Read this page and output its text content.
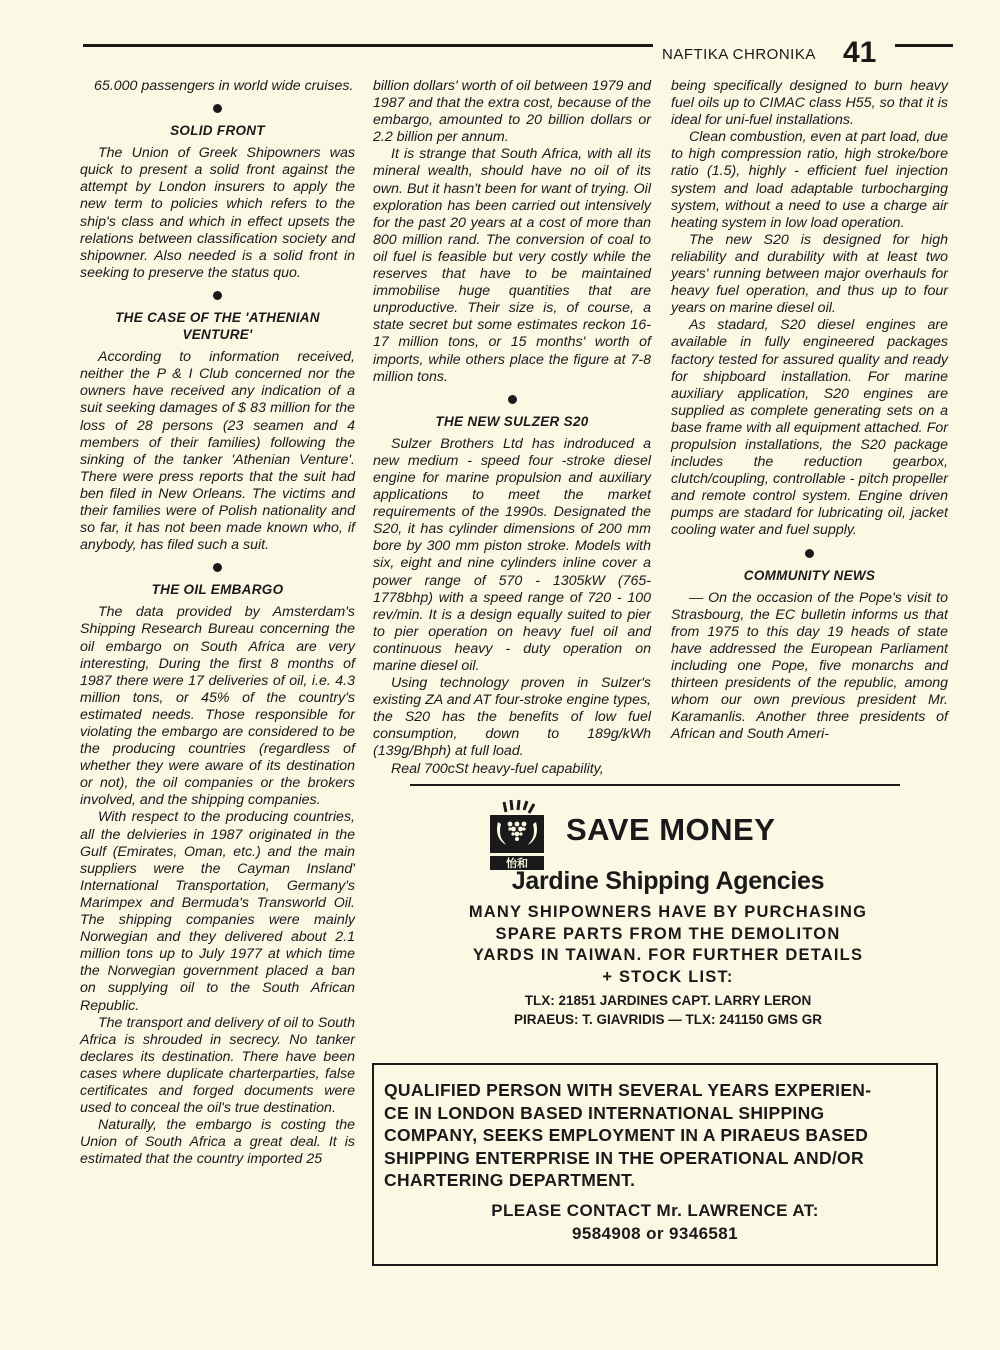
NAFTIKA CHRONIKA 41

65.000 passengers in world wide cruises.

SOLID FRONT

The Union of Greek Shipowners was quick to present a solid front against the attempt by London insurers to apply the new term to policies which refers to the ship's class and which in effect upsets the relations between classification society and shipowner. Also needed is a solid front in seeking to preserve the status quo.

THE CASE OF THE 'ATHENIAN VENTURE'

According to information received, neither the P & I Club concerned nor the owners have received any indication of a suit seeking damages of $ 83 million for the loss of 28 persons (23 seamen and 4 members of their families) following the sinking of the tanker 'Athenian Venture'. There were press reports that the suit had ben filed in New Orleans. The victims and their families were of Polish nationality and so far, it has not been made known who, if anybody, has filed such a suit.

THE OIL EMBARGO

The data provided by Amsterdam's Shipping Research Bureau concerning the oil embargo on South Africa are very interesting, During the first 8 months of 1987 there were 17 deliveries of oil, i.e. 4.3 million tons, or 45% of the country's estimated needs. Those responsible for violating the embargo are considered to be the producing countries (regardless of whether they were aware of its destination or not), the oil companies or the brokers involved, and the shipping companies.

With respect to the producing countries, all the delvieries in 1987 originated in the Gulf (Emirates, Oman, etc.) and the main suppliers were the Cayman Insland' International Transportation, Germany's Marimpex and Bermuda's Transworld Oil. The shipping companies were mainly Norwegian and they delivered about 2.1 million tons up to July 1977 at which time the Norwegian government placed a ban on supplying oil to the South African Republic.

The transport and delivery of oil to South Africa is shrouded in secrecy. No tanker declares its destination. There have been cases where duplicate charterparties, false certificates and forged documents were used to conceal the oil's true destination.

Naturally, the embargo is costing the Union of South Africa a great deal. It is estimated that the country imported 25

billion dollars' worth of oil between 1979 and 1987 and that the extra cost, because of the embargo, amounted to 20 billion dollars or 2.2 billion per annum.

It is strange that South Africa, with all its mineral wealth, should have no oil of its own. But it hasn't been for want of trying. Oil exploration has been carried out intensively for the past 20 years at a cost of more than 800 million rand. The conversion of coal to oil fuel is feasible but very costly while the reserves that have to be maintained immobilise huge quantities that are unproductive. Their size is, of course, a state secret but some estimates reckon 16-17 million tons, or 15 months' worth of imports, while others place the figure at 7-8 million tons.

THE NEW SULZER S20

Sulzer Brothers Ltd has indroduced a new medium - speed four -stroke diesel engine for marine propulsion and auxiliary applications to meet the market requirements of the 1990s. Designated the S20, it has cylinder dimensions of 200 mm bore by 300 mm piston stroke. Models with six, eight and nine cylinders inline cover a power range of 570 - 1305kW (765-1778bhp) with a speed range of 720 - 100 rev/min. It is a design equally suited to pier to pier operation on heavy fuel oil and continuous heavy - duty operation on marine diesel oil.

Using technology proven in Sulzer's existing ZA and AT four-stroke engine types, the S20 has the benefits of low fuel consumption, down to 189g/kWh (139g/Bhph) at full load.

Real 700cSt heavy-fuel capability,

being specifically designed to burn heavy fuel oils up to CIMAC class H55, so that it is ideal for uni-fuel installations.

Clean combustion, even at part load, due to high compression ratio, high stroke/bore ratio (1.5), highly - efficient fuel injection system and load adaptable turbocharging system, without a need to use a charge air heating system in low load operation.

The new S20 is designed for high reliability and durability with at least two years' running between major overhauls for heavy fuel operation, and thus up to four years on marine diesel oil.

As stadard, S20 diesel engines are available in fully engineered packages factory tested for assured quality and ready for shipboard installation. For marine auxiliary application, S20 engines are supplied as complete generating sets on a base frame with all equipment attached. For propulsion installations, the S20 package includes the reduction gearbox, clutch/coupling, controllable - pitch propeller and remote control system. Engine driven pumps are stadard for lubricating oil, jacket cooling water and fuel supply.

COMMUNITY NEWS

— On the occasion of the Pope's visit to Strasbourg, the EC bulletin informs us that from 1975 to this day 19 heads of state have addressed the European Parliament including one Pope, five monarchs and thirteen presidents of the republic, among whom our own previous president Mr. Karamanlis. Another three presidents of African and South Ameri-

怡和
SAVE MONEY
Jardine Shipping Agencies
MANY SHIPOWNERS HAVE BY PURCHASING
SPARE PARTS FROM THE DEMOLITON
YARDS IN TAIWAN. FOR FURTHER DETAILS
+ STOCK LIST:
TLX: 21851 JARDINES CAPT. LARRY LERON
PIRAEUS: T. GIAVRIDIS — TLX: 241150 GMS GR
QUALIFIED PERSON WITH SEVERAL YEARS EXPERIEN-
CE IN LONDON BASED INTERNATIONAL SHIPPING
COMPANY, SEEKS EMPLOYMENT IN A PIRAEUS BASED
SHIPPING ENTERPRISE IN THE OPERATIONAL AND/OR
CHARTERING DEPARTMENT.
PLEASE CONTACT Mr. LAWRENCE AT:
9584908 or 9346581
